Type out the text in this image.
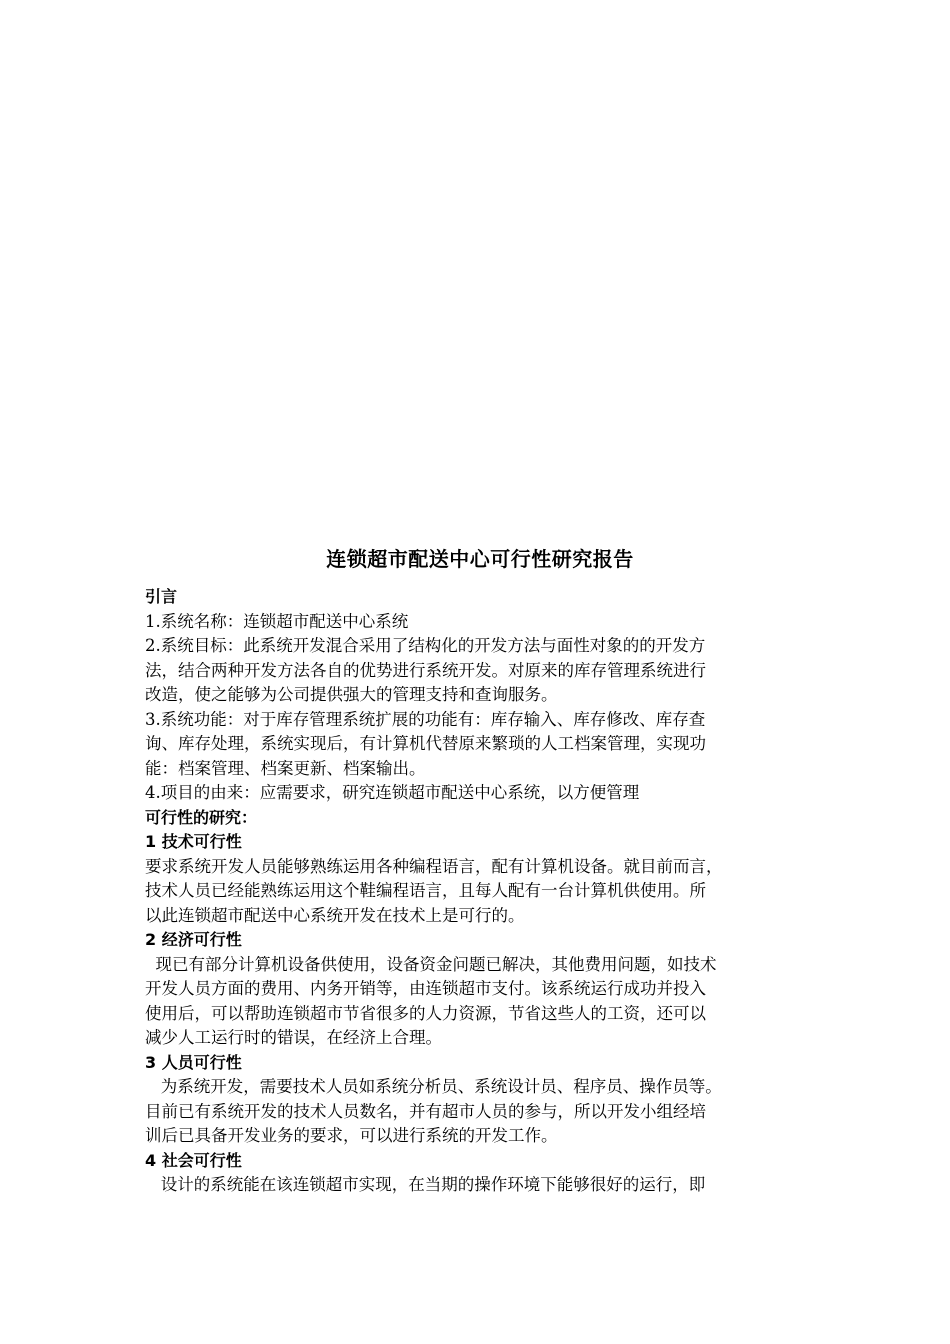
连锁超市配送中心可行性研究报告
引言
1.系统名称：连锁超市配送中心系统
2.系统目标：此系统开发混合采用了结构化的开发方法与面性对象的的开发方
法，结合两种开发方法各自的优势进行系统开发。对原来的库存管理系统进行
改造，使之能够为公司提供强大的管理支持和查询服务。
3.系统功能：对于库存管理系统扩展的功能有：库存输入、库存修改、库存查
询、库存处理，系统实现后，有计算机代替原来繁琐的人工档案管理，实现功
能：档案管理、档案更新、档案输出。
4.项目的由来：应需要求，研究连锁超市配送中心系统，以方便管理
可行性的研究：
1 技术可行性
要求系统开发人员能够熟练运用各种编程语言，配有计算机设备。就目前而言，
技术人员已经能熟练运用这个鞋编程语言，且每人配有一台计算机供使用。所
以此连锁超市配送中心系统开发在技术上是可行的。
2 经济可行性
现已有部分计算机设备供使用，设备资金问题已解决，其他费用问题，如技术
开发人员方面的费用、内务开销等，由连锁超市支付。该系统运行成功并投入
使用后，可以帮助连锁超市节省很多的人力资源，节省这些人的工资，还可以
减少人工运行时的错误，在经济上合理。
3 人员可行性
为系统开发，需要技术人员如系统分析员、系统设计员、程序员、操作员等。
目前已有系统开发的技术人员数名，并有超市人员的参与，所以开发小组经培
训后已具备开发业务的要求，可以进行系统的开发工作。
4 社会可行性
设计的系统能在该连锁超市实现，在当期的操作环境下能够很好的运行，即
